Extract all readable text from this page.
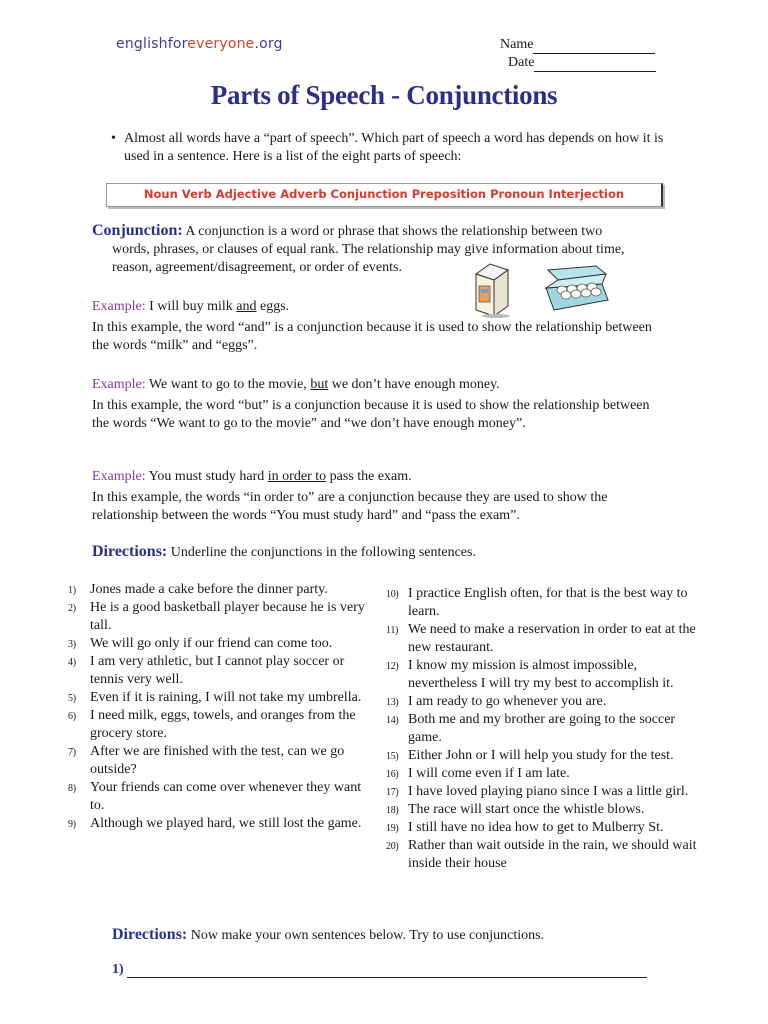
englishforeveryone.org	Name
Date
Parts of Speech - Conjunctions
• Almost all words have a “part of speech”. Which part of speech a word has depends on how it is used in a sentence. Here is a list of the eight parts of speech:
Noun Verb Adjective Adverb Conjunction Preposition Pronoun Interjection
Conjunction: A conjunction is a word or phrase that shows the relationship between two
words, phrases, or clauses of equal rank. The relationship may give information about time, reason, agreement/disagreement, or order of events.
Example: I will buy milk and eggs.
In this example, the word “and” is a conjunction because it is used to show the relationship between the words “milk” and “eggs”.
Example: We want to go to the movie, but we don’t have enough money.
In this example, the word “but” is a conjunction because it is used to show the relationship between the words “We want to go to the movie” and “we don’t have enough money”.
Example: You must study hard in order to pass the exam.
In this example, the words “in order to” are a conjunction because they are used to show the relationship between the words “You must study hard” and “pass the exam”.
Directions: Underline the conjunctions in the following sentences.
1) Jones made a cake before the dinner party.
2) He is a good basketball player because he is very tall.
3) We will go only if our friend can come too.
4) I am very athletic, but I cannot play soccer or tennis very well.
5) Even if it is raining, I will not take my umbrella.
6) I need milk, eggs, towels, and oranges from the grocery store.
7) After we are finished with the test, can we go outside?
8) Your friends can come over whenever they want to.
9) Although we played hard, we still lost the game.
10) I practice English often, for that is the best way to learn.
11) We need to make a reservation in order to eat at the new restaurant.
12) I know my mission is almost impossible, nevertheless I will try my best to accomplish it.
13) I am ready to go whenever you are.
14) Both me and my brother are going to the soccer game.
15) Either John or I will help you study for the test.
16) I will come even if I am late.
17) I have loved playing piano since I was a little girl.
18) The race will start once the whistle blows.
19) I still have no idea how to get to Mulberry St.
20) Rather than wait outside in the rain, we should wait inside their house
Directions: Now make your own sentences below. Try to use conjunctions.
1)
